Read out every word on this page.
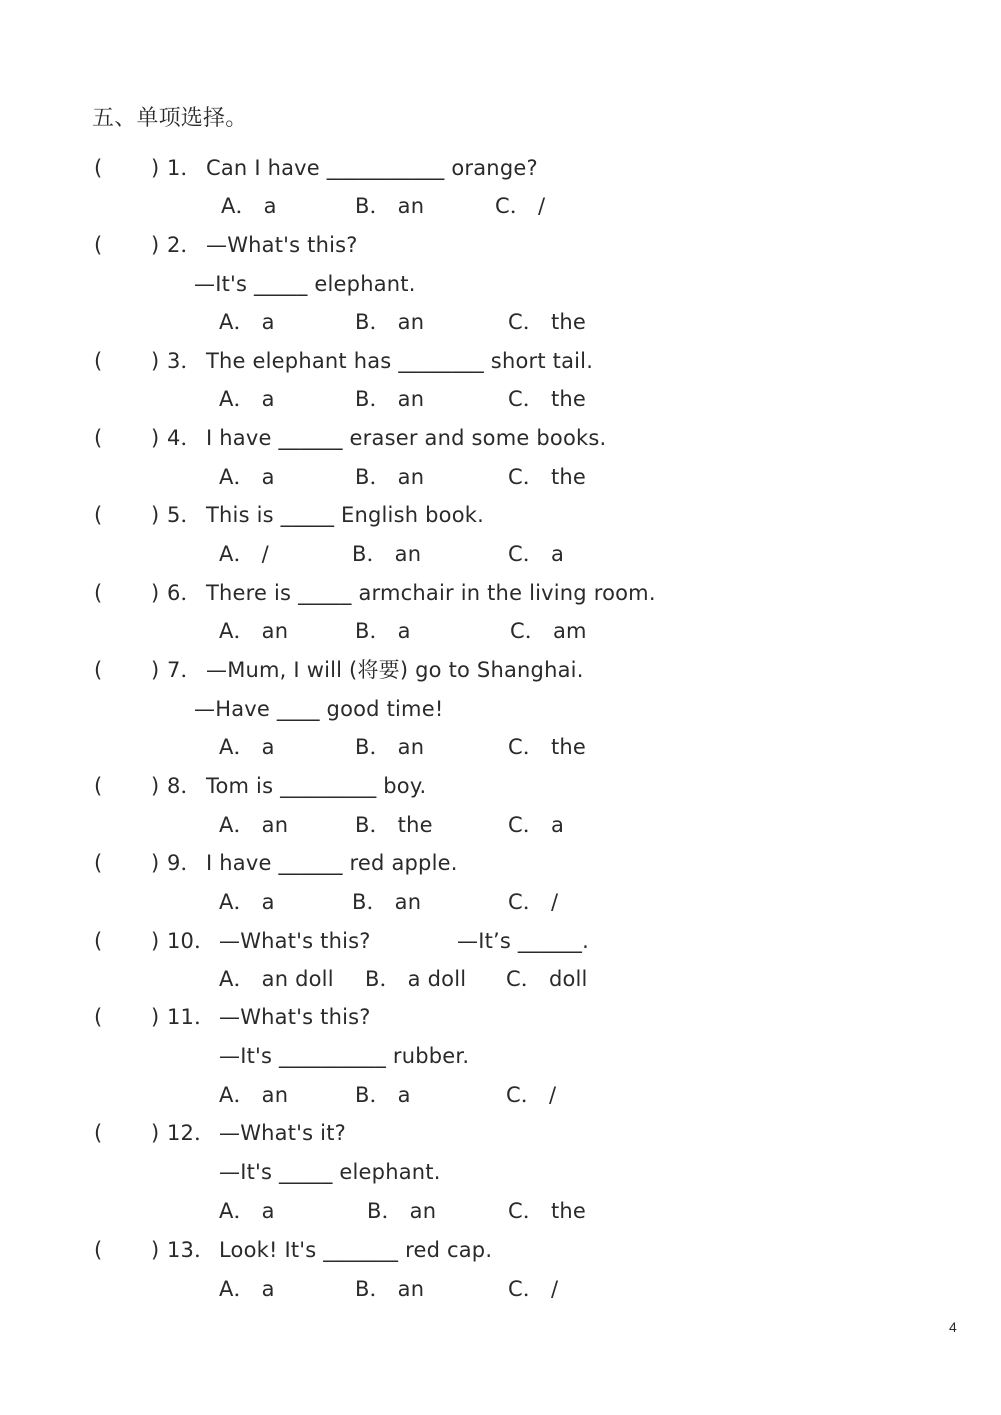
五、单项选择。
( ) 1． Can I have ___________ orange?
A． a	B． an	C． /
( ) 2． —What's this?
—It's _____ elephant.
A． a	B． an	C． the
( ) 3． The elephant has ________ short tail.
A． a	B． an	C． the
( ) 4． I have ______ eraser and some books.
A． a	B． an	C． the
( ) 5． This is _____ English book.
A． /	B． an	C． a
( ) 6． There is _____ armchair in the living room.
A． an	B． a	C． am
( ) 7． —Mum, I will (将要) go to Shanghai.
—Have ____ good time!
A． a	B． an	C． the
( ) 8． Tom is _________ boy.
A． an	B． the	C． a
( ) 9． I have ______ red apple.
A． a	B． an	C． /
( ) 10． —What's this?	—It’s ______.
A． an doll B． a doll C． doll
( ) 11． —What's this?
—It's __________ rubber.
A． an	B． a	C． /
( ) 12． —What's it?
—It's _____ elephant.
A． a	B． an	C． the
( ) 13． Look! It's _______ red cap.
A． a	B． an	C． /
4
